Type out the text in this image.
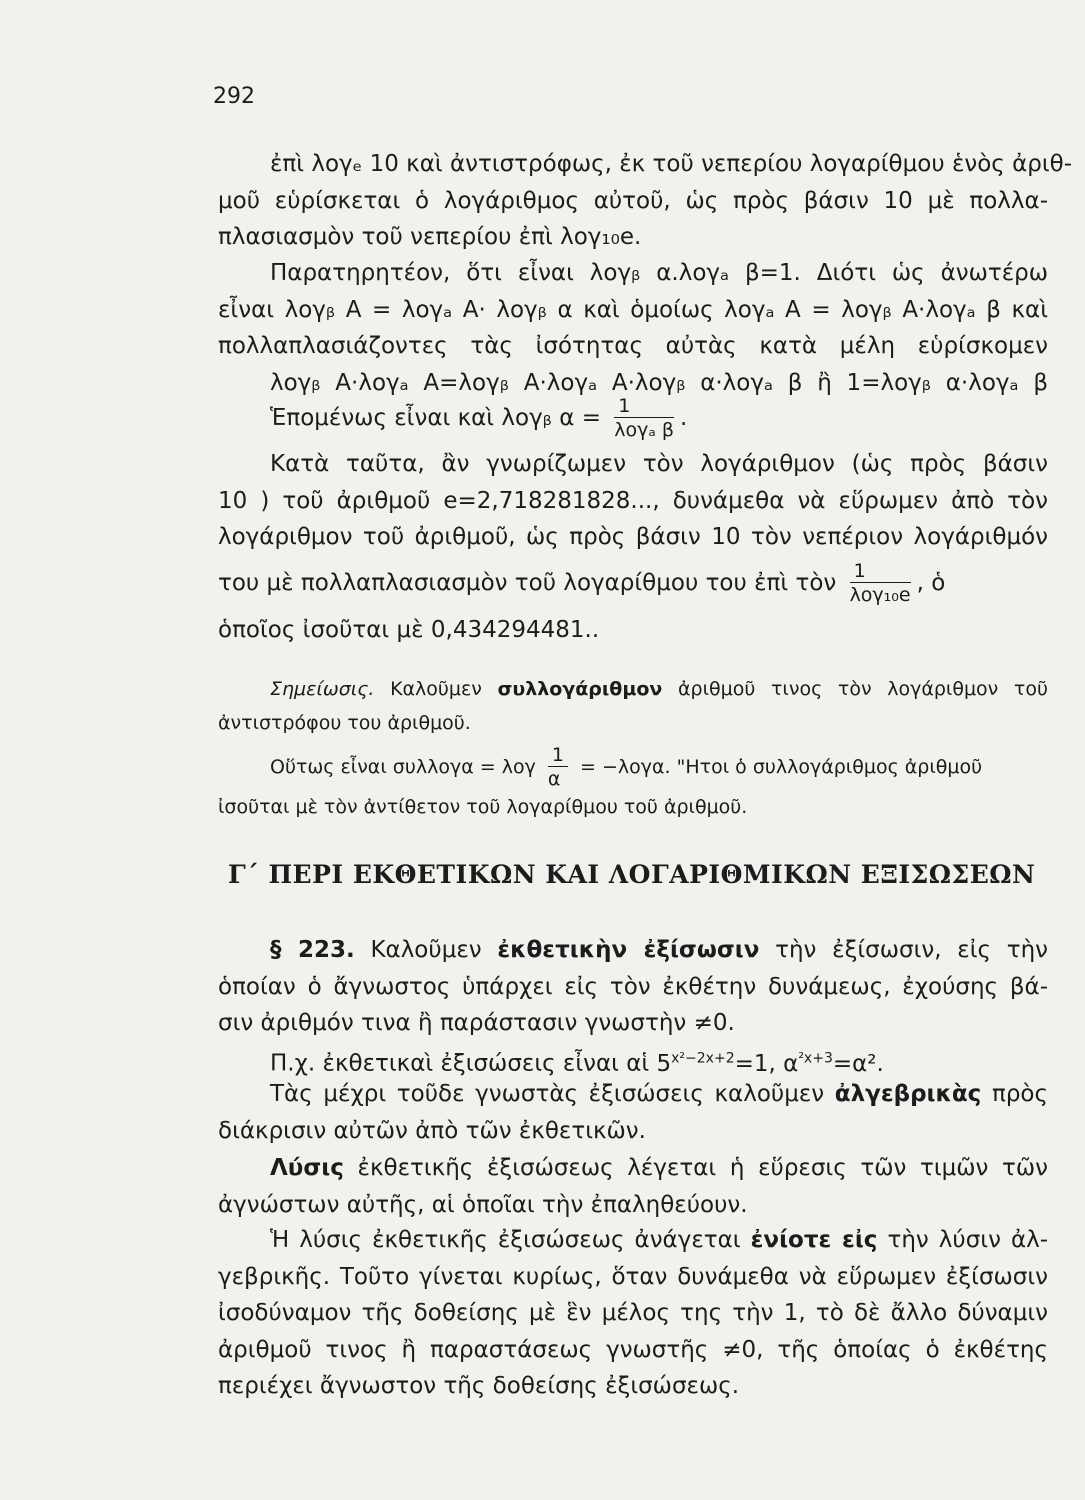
292
ἐπὶ λογₑ 10 καὶ ἀντιστρόφως, ἐκ τοῦ νεπερίου λογαρίθμου ἑνὸς ἀριθ-
μοῦ εὑρίσκεται ὁ λογάριθμος αὐτοῦ, ὡς πρὸς βάσιν 10 μὲ πολλα-
πλασιασμὸν τοῦ νεπερίου ἐπὶ λογ₁₀e.
Παρατηρητέον, ὅτι εἶναι λογᵦ α.λογₐ β=1. Διότι ὡς ἀνωτέρω
εἶναι λογᵦ A = λογₐ A· λογᵦ α καὶ ὁμοίως λογₐ A = λογᵦ A·λογₐ β καὶ
πολλαπλασιάζοντες τὰς ἰσότητας αὐτὰς κατὰ μέλη εὑρίσκομεν
λογᵦ A·λογₐ A=λογᵦ A·λογₐ A·λογᵦ α·λογₐ β ἢ 1=λογᵦ α·λογₐ β
Ἑπομένως εἶναι καὶ λογᵦ $\alpha = \frac{1}{\text{λογₐ β}}$ .
Κατὰ ταῦτα, ἂν γνωρίζωμεν τὸν λογάριθμον (ὡς πρὸς βάσιν
10 ) τοῦ ἀριθμοῦ e=2,718281828..., δυνάμεθα νὰ εὕρωμεν ἀπὸ τὸν
λογάριθμον τοῦ ἀριθμοῦ, ὡς πρὸς βάσιν 10 τὸν νεπέριον λογάριθμόν
του μὲ πολλαπλασιασμὸν τοῦ λογαρίθμου του ἐπὶ τὸν $\frac{1}{\text{λογ₁₀e}}$ , ὁ
ὁποῖος ἰσοῦται μὲ 0,434294481..
Σημείωσις. Καλοῦμεν συλλογάριθμον ἀριθμοῦ τινος τὸν λογάριθμον τοῦ
ἀντιστρόφου του ἀριθμοῦ.
Οὕτως εἶναι συλλογα = λογ $\frac{1}{\alpha} = -\lambda o\gamma\alpha$. "Ητοι ὁ συλλογάριθμος ἀριθμοῦ
ἰσοῦται μὲ τὸν ἀντίθετον τοῦ λογαρίθμου τοῦ ἀριθμοῦ.
Γ΄ ΠΕΡΙ ΕΚΘΕΤΙΚΩΝ ΚΑΙ ΛΟΓΑΡΙΘΜΙΚΩΝ ΕΞΙΣΩΣΕΩΝ
§ 223. Καλοῦμεν ἐκθετικὴν ἐξίσωσιν τὴν ἐξίσωσιν, εἰς τὴν
ὁποίαν ὁ ἄγνωστος ὑπάρχει εἰς τὸν ἐκθέτην δυνάμεως, ἐχούσης βά-
σιν ἀριθμόν τινα ἢ παράστασιν γνωστὴν ≠0.
Π.χ. ἐκθετικαὶ ἐξισώσεις εἶναι αἱ $5^{x^2-2x+2}=1$, $\alpha^{^2x+3}=\alpha^2$.
Τὰς μέχρι τοῦδε γνωστὰς ἐξισώσεις καλοῦμεν ἀλγεβρικὰς πρὸς
διάκρισιν αὐτῶν ἀπὸ τῶν ἐκθετικῶν.
Λύσις ἐκθετικῆς ἐξισώσεως λέγεται ἡ εὕρεσις τῶν τιμῶν τῶν
ἀγνώστων αὐτῆς, αἱ ὁποῖαι τὴν ἐπαληθεύουν.
Ἡ λύσις ἐκθετικῆς ἐξισώσεως ἀνάγεται ἐνίοτε εἰς τὴν λύσιν ἀλ-
γεβρικῆς. Τοῦτο γίνεται κυρίως, ὅταν δυνάμεθα νὰ εὕρωμεν ἐξίσωσιν
ἰσοδύναμον τῆς δοθείσης μὲ ἓν μέλος της τὴν 1, τὸ δὲ ἄλλο δύναμιν
ἀριθμοῦ τινος ἢ παραστάσεως γνωστῆς ≠0, τῆς ὁποίας ὁ ἐκθέτης
περιέχει ἄγνωστον τῆς δοθείσης ἐξισώσεως.
